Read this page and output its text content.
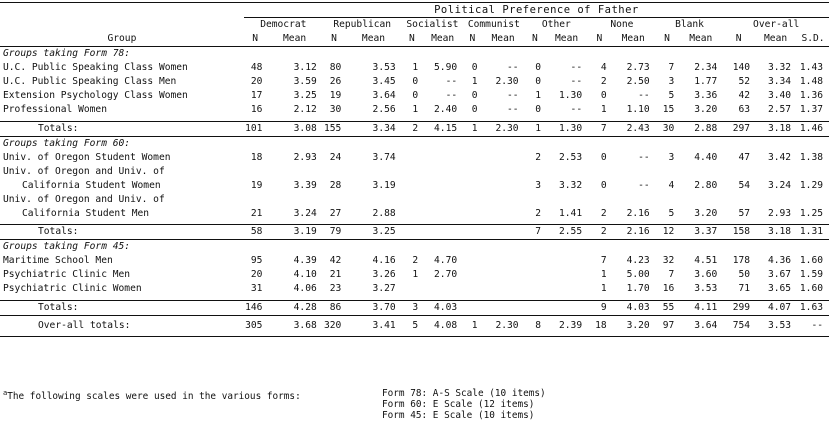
	Political Preference of Father																
	Democrat		Republican		Socialist		Communist		Other		None		Blank		Over-all		
Group	N	Mean	N	Mean	N	Mean	N	Mean	N	Mean	N	Mean	N	Mean	N	Mean	S.D.
Groups taking Form 78:																	
U.C. Public Speaking Class Women	48	3.12	80	3.53	1	5.90	0	--	0	--	4	2.73	7	2.34	140	3.32	1.43
U.C. Public Speaking Class Men	20	3.59	26	3.45	0	--	1	2.30	0	--	2	2.50	3	1.77	52	3.34	1.48
Extension Psychology Class Women	17	3.25	19	3.64	0	--	0	--	1	1.30	0	--	5	3.36	42	3.40	1.36
Professional Women	16	2.12	30	2.56	1	2.40	0	--	0	--	1	1.10	15	3.20	63	2.57	1.37

Totals:	101	3.08	155	3.34	2	4.15	1	2.30	1	1.30	7	2.43	30	2.88	297	3.18	1.46
Groups taking Form 60:																	
Univ. of Oregon Student Women	18	2.93	24	3.74					2	2.53	0	--	3	4.40	47	3.42	1.38
Univ. of Oregon and Univ. of																	
California Student Women	19	3.39	28	3.19					3	3.32	0	--	4	2.80	54	3.24	1.29
Univ. of Oregon and Univ. of																	
California Student Men	21	3.24	27	2.88					2	1.41	2	2.16	5	3.20	57	2.93	1.25

Totals:	58	3.19	79	3.25					7	2.55	2	2.16	12	3.37	158	3.18	1.31
Groups taking Form 45:																	
Maritime School Men	95	4.39	42	4.16	2	4.70					7	4.23	32	4.51	178	4.36	1.60
Psychiatric Clinic Men	20	4.10	21	3.26	1	2.70					1	5.00	7	3.60	50	3.67	1.59
Psychiatric Clinic Women	31	4.06	23	3.27							1	1.70	16	3.53	71	3.65	1.60

Totals:	146	4.28	86	3.70	3	4.03					9	4.03	55	4.11	299	4.07	1.63
Over-all totals:	305	3.68	320	3.41	5	4.08	1	2.30	8	2.39	18	3.20	97	3.64	754	3.53	--
$^a$The following scales were used in the various forms:	Form 78: A-S Scale (10 items)
Form 60: E Scale (12 items)
Form 45: E Scale (10 items)
